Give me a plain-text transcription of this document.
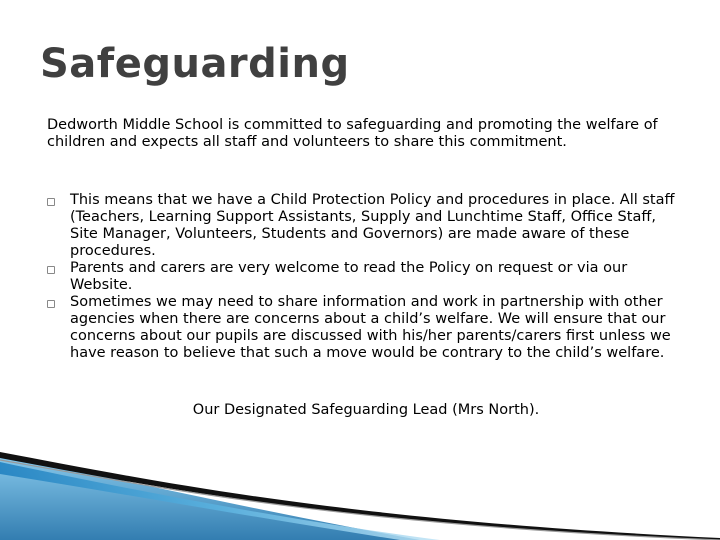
Safeguarding

Dedworth Middle School is committed to safeguarding and promoting the welfare of children and expects all staff and volunteers to share this commitment.

This means that we have a Child Protection Policy and procedures in place. All staff (Teachers, Learning Support Assistants, Supply and Lunchtime Staff, Office Staff, Site Manager, Volunteers, Students and Governors) are made aware of these procedures.
Parents and carers are very welcome to read the Policy on request or via our Website.
Sometimes we may need to share information and work in partnership with other agencies when there are concerns about a child’s welfare. We will ensure that our concerns about our pupils are discussed with his/her parents/carers first unless we have reason to believe that such a move would be contrary to the child’s welfare.

Our Designated Safeguarding Lead (Mrs North).
